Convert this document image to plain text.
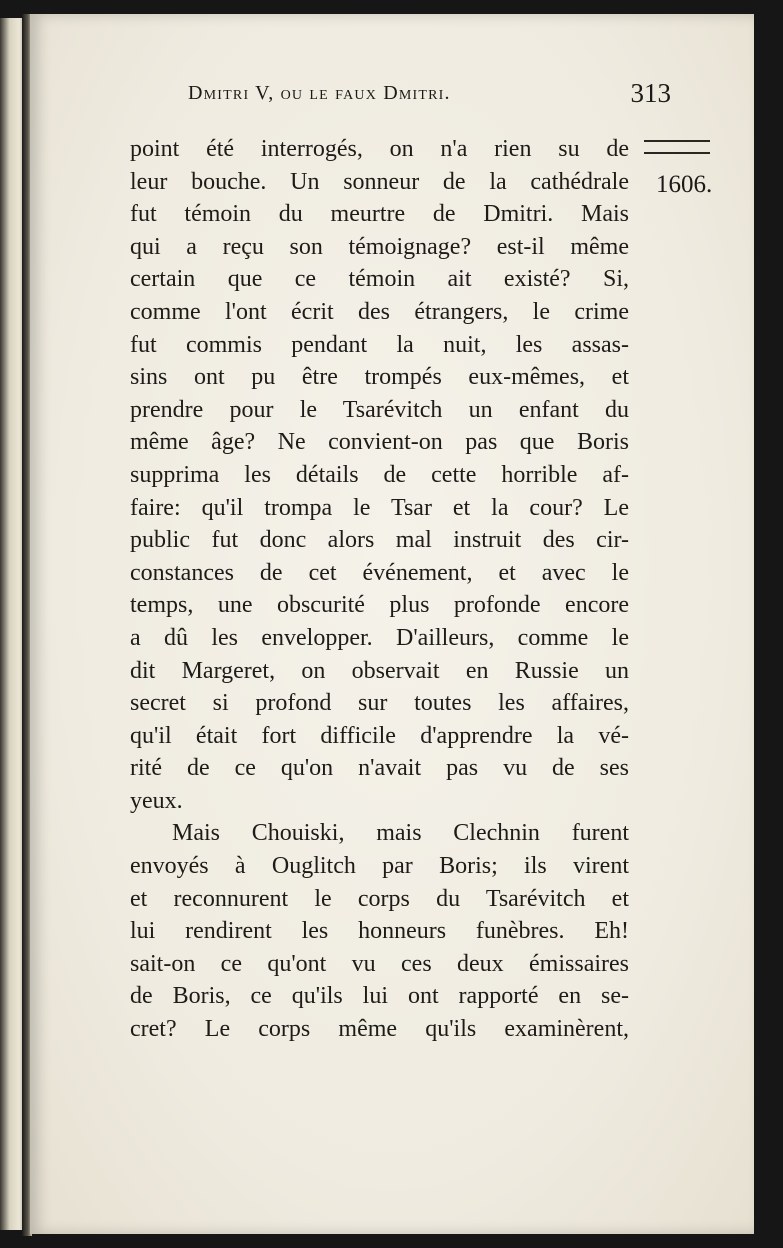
Dmitri V, ou le faux Dmitri.	313
1606.
point été interrogés, on n'a rien su de
leur bouche. Un sonneur de la cathédrale
fut témoin du meurtre de Dmitri. Mais
qui a reçu son témoignage? est-il même
certain que ce témoin ait existé? Si,
comme l'ont écrit des étrangers, le crime
fut commis pendant la nuit, les assas-
sins ont pu être trompés eux-mêmes, et
prendre pour le Tsarévitch un enfant du
même âge? Ne convient-on pas que Boris
supprima les détails de cette horrible af-
faire: qu'il trompa le Tsar et la cour? Le
public fut donc alors mal instruit des cir-
constances de cet événement, et avec le
temps, une obscurité plus profonde encore
a dû les envelopper. D'ailleurs, comme le
dit Margeret, on observait en Russie un
secret si profond sur toutes les affaires,
qu'il était fort difficile d'apprendre la vé-
rité de ce qu'on n'avait pas vu de ses
yeux.
Mais Chouiski, mais Clechnin furent
envoyés à Ouglitch par Boris; ils virent
et reconnurent le corps du Tsarévitch et
lui rendirent les honneurs funèbres. Eh!
sait-on ce qu'ont vu ces deux émissaires
de Boris, ce qu'ils lui ont rapporté en se-
cret? Le corps même qu'ils examinèrent,
